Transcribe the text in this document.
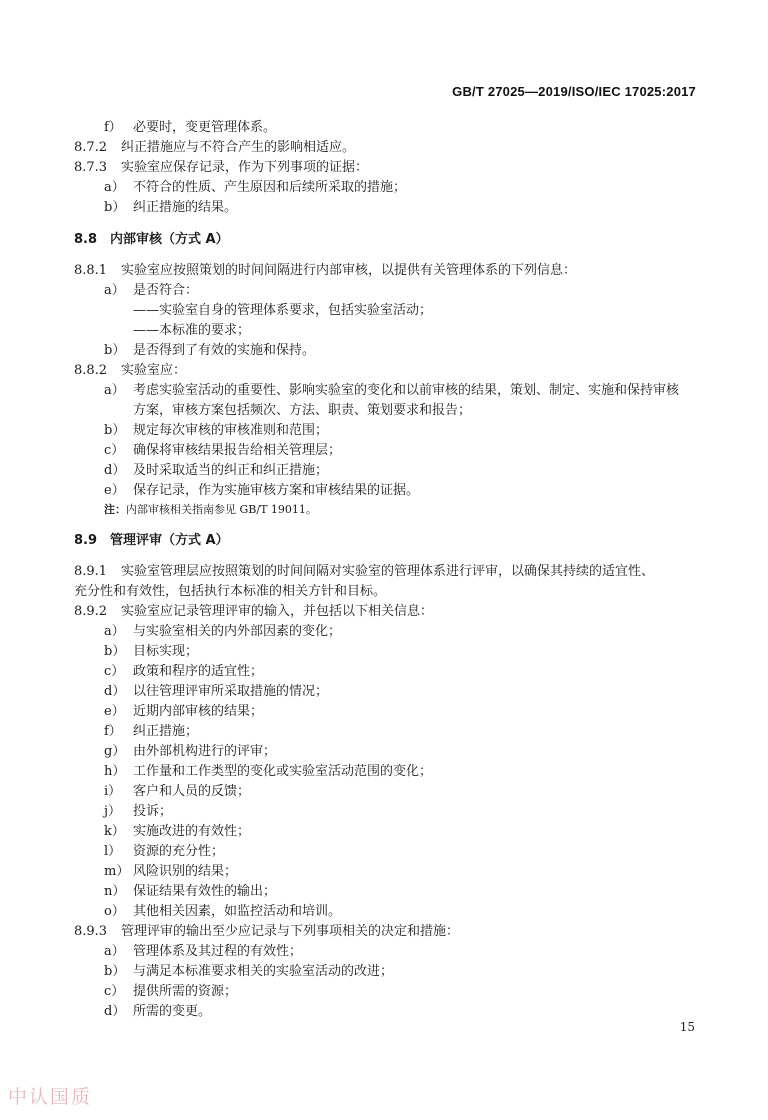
GB/T 27025—2019/ISO/IEC 17025:2017
f） 必要时，变更管理体系。
8.7.2 纠正措施应与不符合产生的影响相适应。
8.7.3 实验室应保存记录，作为下列事项的证据：
a） 不符合的性质、产生原因和后续所采取的措施；
b） 纠正措施的结果。
8.8 内部审核（方式 A）
8.8.1 实验室应按照策划的时间间隔进行内部审核，以提供有关管理体系的下列信息：
a） 是否符合：
——实验室自身的管理体系要求，包括实验室活动；
——本标准的要求；
b） 是否得到了有效的实施和保持。
8.8.2 实验室应：
a） 考虑实验室活动的重要性、影响实验室的变化和以前审核的结果，策划、制定、实施和保持审核
方案，审核方案包括频次、方法、职责、策划要求和报告；
b） 规定每次审核的审核准则和范围；
c） 确保将审核结果报告给相关管理层；
d） 及时采取适当的纠正和纠正措施；
e） 保存记录，作为实施审核方案和审核结果的证据。
注： 内部审核相关指南参见 GB/T 19011。
8.9 管理评审（方式 A）
8.9.1 实验室管理层应按照策划的时间间隔对实验室的管理体系进行评审，以确保其持续的适宜性、
充分性和有效性，包括执行本标准的相关方针和目标。
8.9.2 实验室应记录管理评审的输入，并包括以下相关信息：
a） 与实验室相关的内外部因素的变化；
b） 目标实现；
c） 政策和程序的适宜性；
d） 以往管理评审所采取措施的情况；
e） 近期内部审核的结果；
f） 纠正措施；
g） 由外部机构进行的评审；
h） 工作量和工作类型的变化或实验室活动范围的变化；
i） 客户和人员的反馈；
j） 投诉；
k） 实施改进的有效性；
l） 资源的充分性；
m） 风险识别的结果；
n） 保证结果有效性的输出；
o） 其他相关因素，如监控活动和培训。
8.9.3 管理评审的输出至少应记录与下列事项相关的决定和措施：
a） 管理体系及其过程的有效性；
b） 与满足本标准要求相关的实验室活动的改进；
c） 提供所需的资源；
d） 所需的变更。
15
中认国质
